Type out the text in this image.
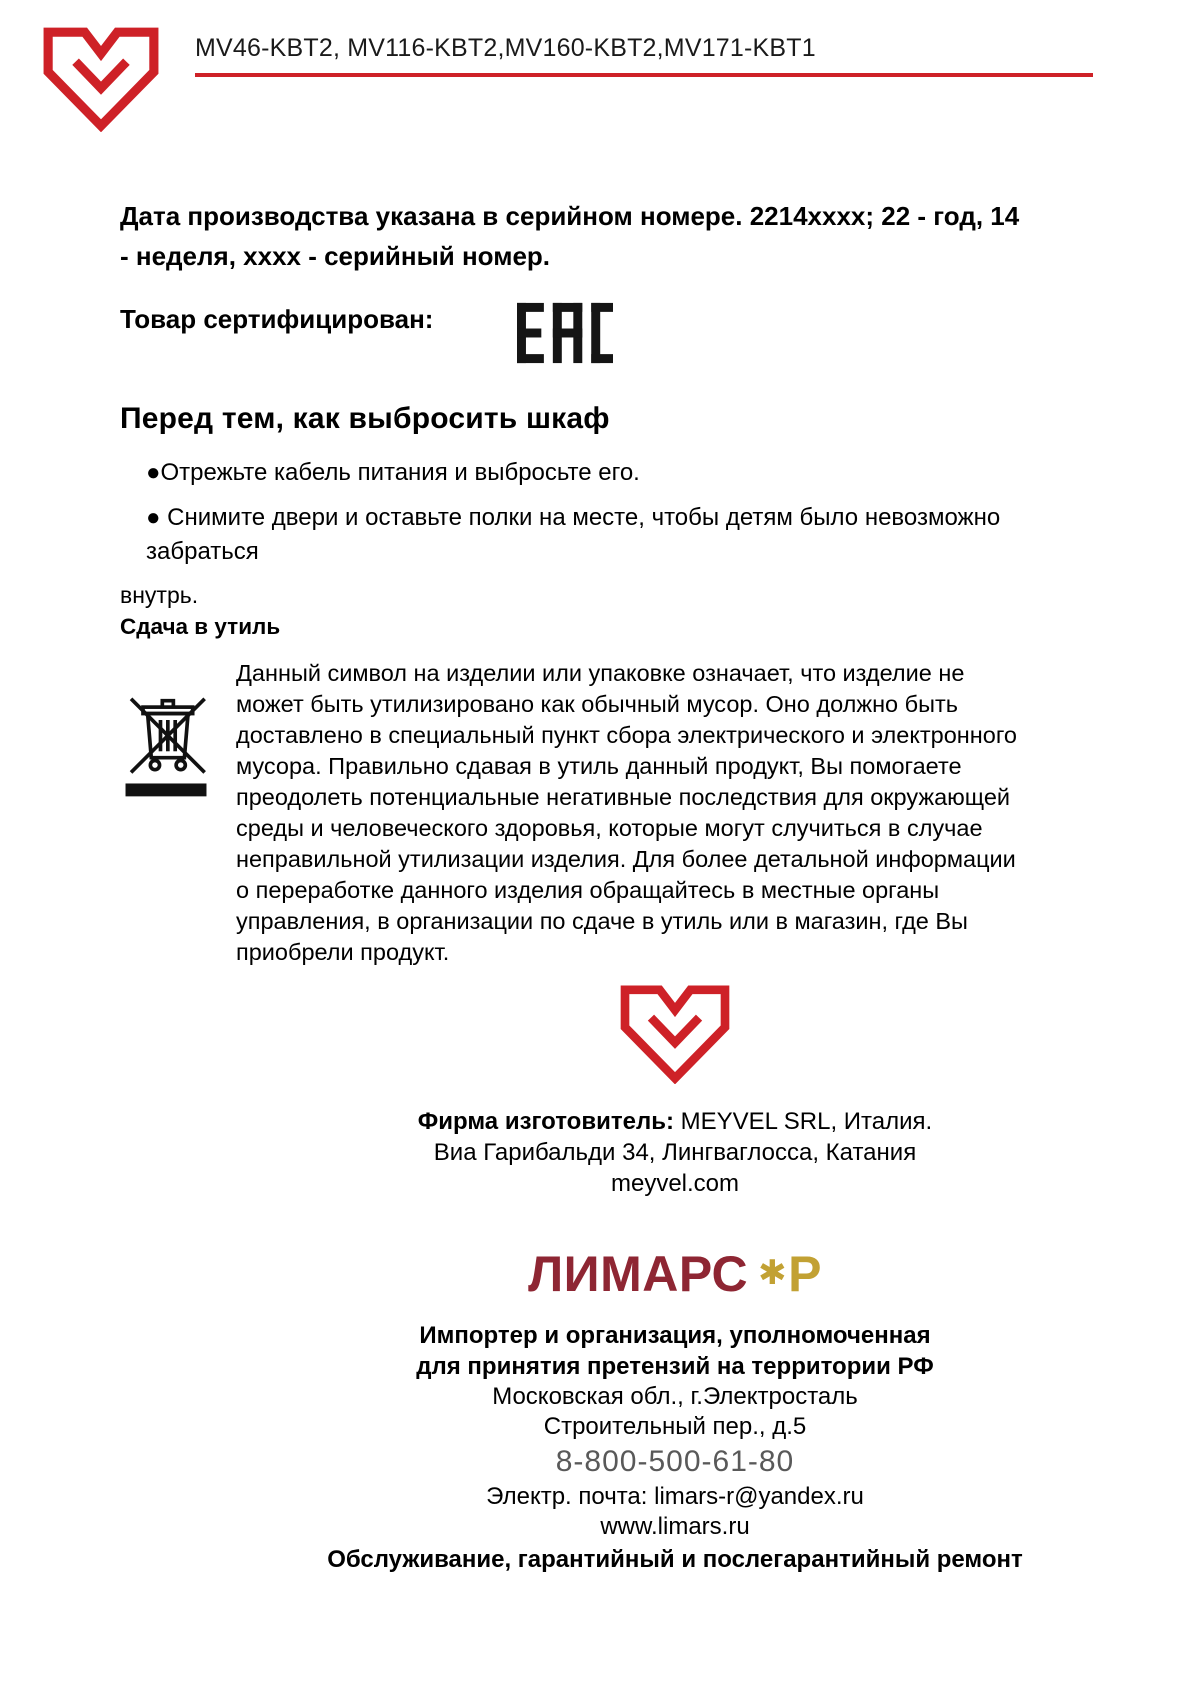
MV46-KBT2, MV116-KBT2,MV160-KBT2,MV171-KBT1

Дата производства указана в серийном номере. 2214xxxx; 22 - год, 14 - неделя, xxxx - серийный номер.

Товар сертифицирован:
Перед тем, как выбросить шкаф

●Отрежьте кабель питания и выбросьте его.

● Снимите двери и оставьте полки на месте, чтобы детям было невозможно забраться

внутрь.

Сдача в утиль

Данный символ на изделии или упаковке означает, что изделие не может быть утилизировано как обычный мусор. Оно должно быть доставлено в специальный пункт сбора электрического и электронного мусора. Правильно сдавая в утиль данный продукт, Вы помогаете преодолеть потенциальные негативные последствия для окружающей среды и человеческого здоровья, которые могут случиться в случае неправильной утилизации изделия. Для более детальной информации о переработке данного изделия обращайтесь в местные органы управления, в организации по сдаче в утиль или в магазин, где Вы приобрели продукт.

Фирма изготовитель: MEYVEL SRL, Италия.

Виа Гарибальди 34, Лингваглосса, Катания

meyvel.com

ЛИМАРС ✱Р

Импортер и организация, уполномоченная

для принятия претензий на территории РФ

Московская обл., г.Электросталь

Строительный пер., д.5

8-800-500-61-80

Электр. почта: limars-r@yandex.ru

www.limars.ru

Обслуживание, гарантийный и послегарантийный ремонт
